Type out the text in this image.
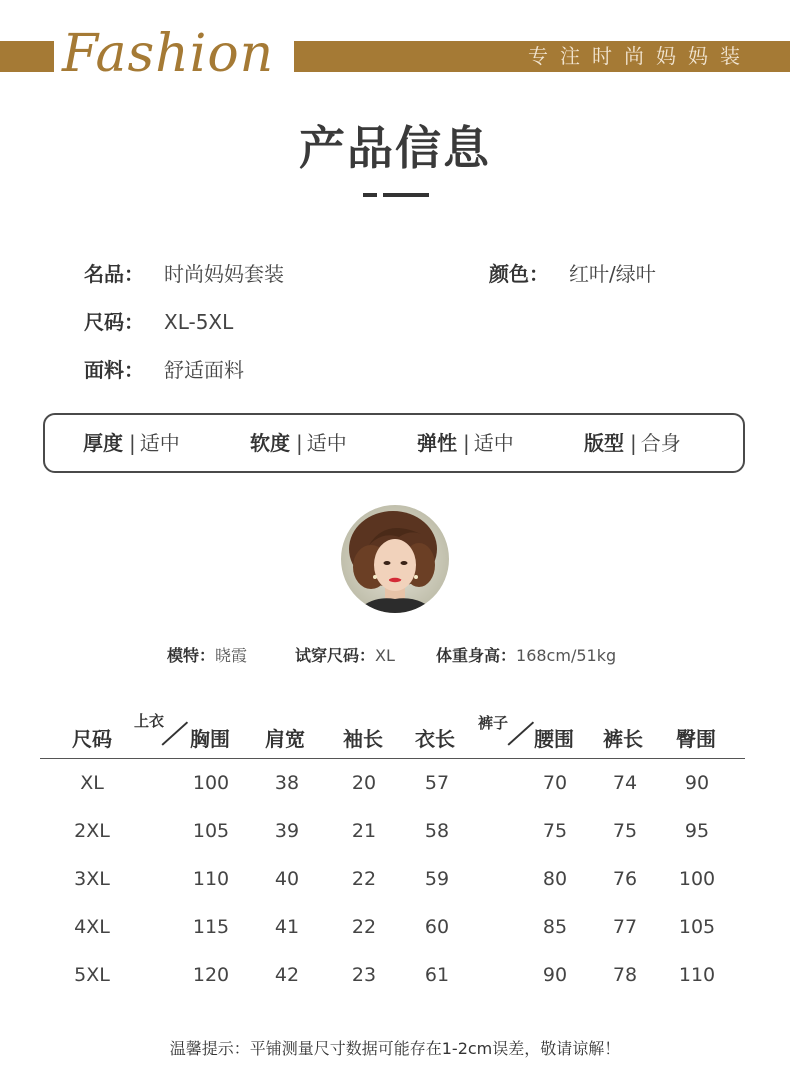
Fashion	专注时尚妈妈装
产品信息
名品： 时尚妈妈套装	颜色： 红叶/绿叶
尺码： XL-5XL
面料： 舒适面料
厚度 | 适中	软度 | 适中	弹性 | 适中	版型 | 合身
模特：晓霞	试穿尺码：XL	体重身高：168cm/51kg
尺码
上衣	裤子
胸围 肩宽 袖长 衣长	腰围 裤长 臀围
XL	100	38	20	57	70	74	90
2XL	105	39	21	58	75	75	95
3XL	110	40	22	59	80	76	100
4XL	115	41	22	60	85	77	105
5XL	120	42	23	61	90	78	110
温馨提示：平铺测量尺寸数据可能存在1-2cm误差，敬请谅解！
